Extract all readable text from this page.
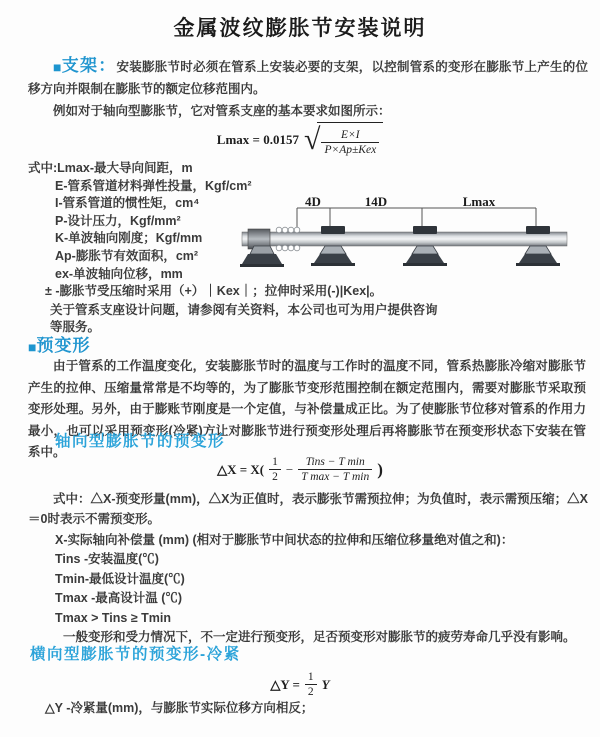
金属波纹膨胀节安装说明

■支架：安装膨胀节时必须在管系上安装必要的支架，以控制管系的变形在膨胀节上产生的位移方向并限制在膨胀节的额定位移范围内。

例如对于轴向型膨胀节，它对管系支座的基本要求如图所示：

Lmax = 0.0157 √ $\frac{E\times I}{\text{P×Ap±Kex}}$
式中:Lmax-最大导向间距，m
E-管系管道材料弹性投量，Kgf/cm²
I-管系管道的惯性矩，cm⁴
P-设计压力，Kgf/mm²
K-单波轴向刚度；Kgf/mm
Ap-膨胀节有效面积，cm²
ex-单波轴向位移，mm
± -膨胀节受压缩时采用（+）｜Kex｜；拉伸时采用(-)|Kex|。
关于管系支座设计问题，请参阅有关资料，本公司也可为用户提供咨询等服务。
4D	14D	Lmax
■预变形
由于管系的工作温度变化，安装膨胀节时的温度与工作时的温度不同，管系热膨胀冷缩对膨胀节产生的拉伸、压缩量常常是不均等的，为了膨胀节变形范围控制在额定范围内，需要对膨胀节采取预变形处理。另外，由于膨账节刚度是一个定值，与补偿量成正比。为了使膨胀节位移对管系的作用力最小，也可以采用预变形(冷紧)方让对膨胀节进行预变形处理后再将膨胀节在预变形状态下安装在管系中。
轴向型膨胀节的预变形
△X = $X( \frac{1}{2} - \frac{\text{Tins − T min}}{\text{T max − T min}}$ )
式中：△X-预变形量(mm)，△X为正值时，表示膨张节需预拉伸；为负值时，表示需预压缩；△X＝0时表示不需预变形。
X-实际轴向补偿量 (mm) (相对于膨胀节中间状态的拉伸和压缩位移量绝对值之和)：
Tins -安装温度(℃)
Tmin-最低设计温度(℃)
Tmax -最高设计温 (℃)
Tmax > Tins ≥ Tmin
一般变形和受力情况下，不一定进行预变形，足否预变形对膨胀节的疲劳寿命几乎没有影响。
横向型膨胀节的预变形-冷紧
△Y = $\frac{1}{2}$ Y
△Y -冷紧量(mm)，与膨胀节实际位移方向相反；
